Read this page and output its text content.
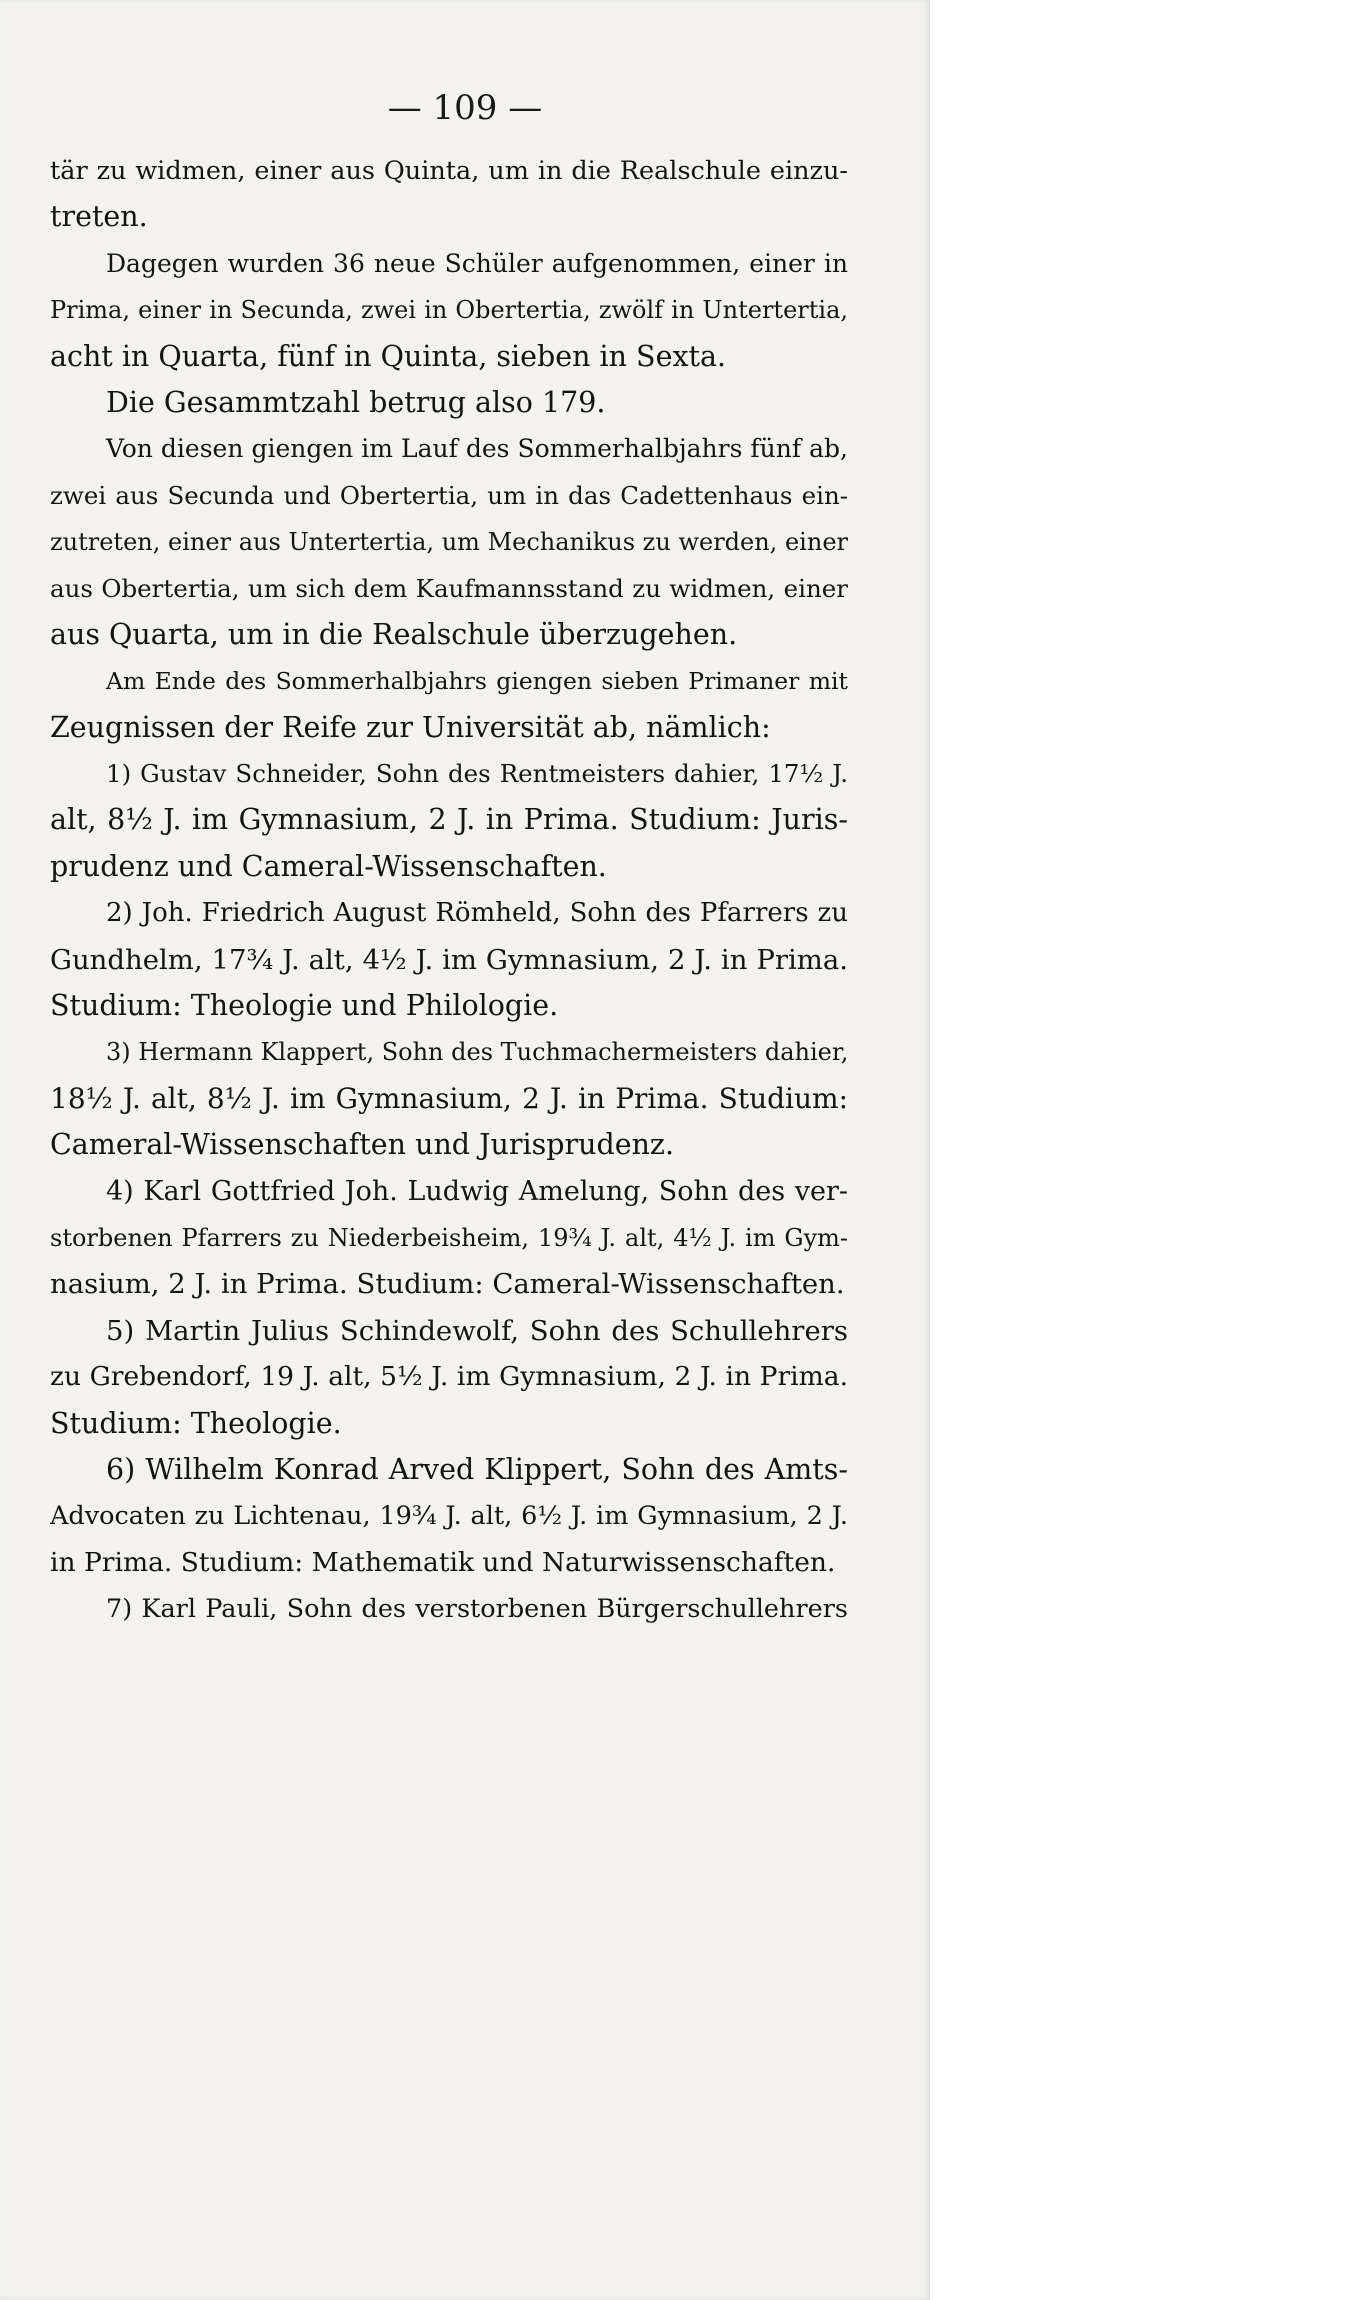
— 109 —
tär zu widmen, einer aus Quinta, um in die Realschule einzu-
treten.
Dagegen wurden 36 neue Schüler aufgenommen, einer in
Prima, einer in Secunda, zwei in Obertertia, zwölf in Untertertia,
acht in Quarta, fünf in Quinta, sieben in Sexta.
Die Gesammtzahl betrug also 179.
Von diesen giengen im Lauf des Sommerhalbjahrs fünf ab,
zwei aus Secunda und Obertertia, um in das Cadettenhaus ein-
zutreten, einer aus Untertertia, um Mechanikus zu werden, einer
aus Obertertia, um sich dem Kaufmannsstand zu widmen, einer
aus Quarta, um in die Realschule überzugehen.
Am Ende des Sommerhalbjahrs giengen sieben Primaner mit
Zeugnissen der Reife zur Universität ab, nämlich:
1) Gustav Schneider, Sohn des Rentmeisters dahier, 17½ J.
alt, 8½ J. im Gymnasium, 2 J. in Prima. Studium: Juris-
prudenz und Cameral-Wissenschaften.
2) Joh. Friedrich August Römheld, Sohn des Pfarrers zu
Gundhelm, 17¾ J. alt, 4½ J. im Gymnasium, 2 J. in Prima.
Studium: Theologie und Philologie.
3) Hermann Klappert, Sohn des Tuchmachermeisters dahier,
18½ J. alt, 8½ J. im Gymnasium, 2 J. in Prima. Studium:
Cameral-Wissenschaften und Jurisprudenz.
4) Karl Gottfried Joh. Ludwig Amelung, Sohn des ver-
storbenen Pfarrers zu Niederbeisheim, 19¾ J. alt, 4½ J. im Gym-
nasium, 2 J. in Prima. Studium: Cameral-Wissenschaften.
5) Martin Julius Schindewolf, Sohn des Schullehrers
zu Grebendorf, 19 J. alt, 5½ J. im Gymnasium, 2 J. in Prima.
Studium: Theologie.
6) Wilhelm Konrad Arved Klippert, Sohn des Amts-
Advocaten zu Lichtenau, 19¾ J. alt, 6½ J. im Gymnasium, 2 J.
in Prima. Studium: Mathematik und Naturwissenschaften.
7) Karl Pauli, Sohn des verstorbenen Bürgerschullehrers
